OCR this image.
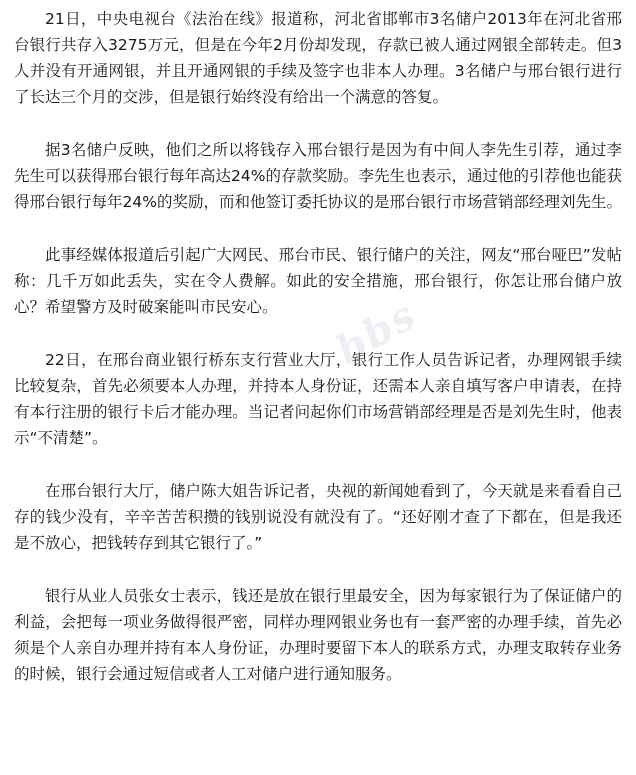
21日，中央电视台《法治在线》报道称，河北省邯郸市3名储户2013年在河北省邢台银行共存入3275万元，但是在今年2月份却发现，存款已被人通过网银全部转走。但3人并没有开通网银，并且开通网银的手续及签字也非本人办理。3名储户与邢台银行进行了长达三个月的交涉，但是银行始终没有给出一个满意的答复。

据3名储户反映，他们之所以将钱存入邢台银行是因为有中间人李先生引荐，通过李先生可以获得邢台银行每年高达24%的存款奖励。李先生也表示，通过他的引荐他也能获得邢台银行每年24%的奖励，而和他签订委托协议的是邢台银行市场营销部经理刘先生。

此事经媒体报道后引起广大网民、邢台市民、银行储户的关注，网友“邢台哑巴”发帖称：几千万如此丢失，实在令人费解。如此的安全措施，邢台银行，你怎让邢台储户放心？希望警方及时破案能叫市民安心。

22日，在邢台商业银行桥东支行营业大厅，银行工作人员告诉记者，办理网银手续比较复杂，首先必须要本人办理，并持本人身份证，还需本人亲自填写客户申请表，在持有本行注册的银行卡后才能办理。当记者问起你们市场营销部经理是否是刘先生时，他表示“不清楚”。

在邢台银行大厅，储户陈大姐告诉记者，央视的新闻她看到了，今天就是来看看自己存的钱少没有，辛辛苦苦积攒的钱别说没有就没有了。“还好刚才查了下都在，但是我还是不放心，把钱转存到其它银行了。”

银行从业人员张女士表示，钱还是放在银行里最安全，因为每家银行为了保证储户的利益，会把每一项业务做得很严密，同样办理网银业务也有一套严密的办理手续，首先必须是个人亲自办理并持有本人身份证，办理时要留下本人的联系方式，办理支取转存业务的时候，银行会通过短信或者人工对储户进行通知服务。

bbs
